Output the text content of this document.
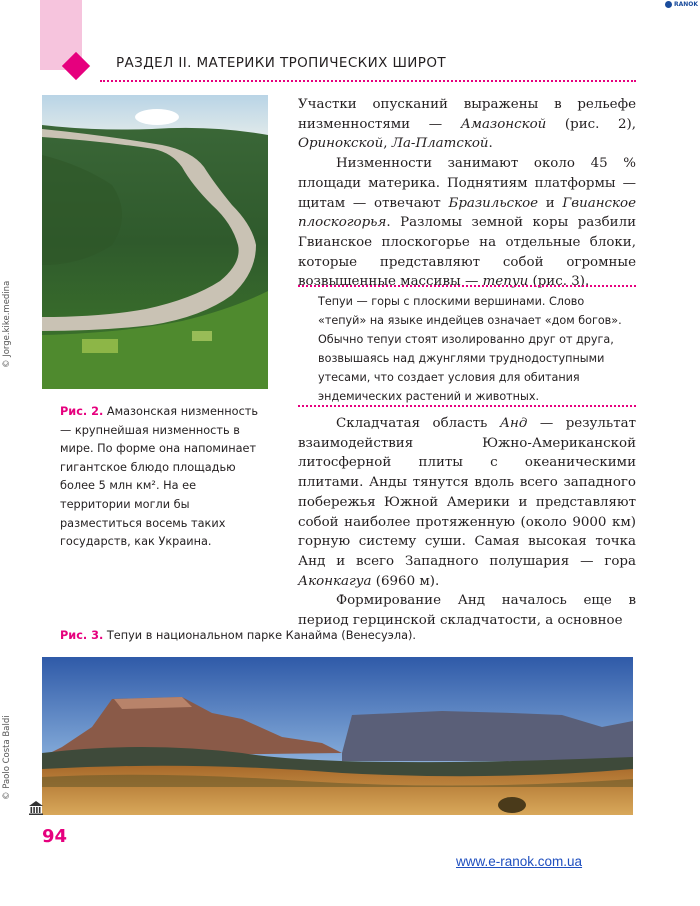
РАЗДЕЛ II. МАТЕРИКИ ТРОПИЧЕСКИХ ШИРОТ
RANOK
© Jorge.kike.medina
Рис. 2. Амазонская низменность — крупнейшая низменность в мире. По форме она напоминает гигантское блюдо площадью более 5 млн км². На ее территории могли бы разместиться восемь таких государств, как Украина.

Участки опусканий выражены в рельефе низменностями — Амазонской (рис. 2), Оринокской, Ла-Платской.

Низменности занимают около 45 % площади материка. Поднятиям платформы — щитам — отвечают Бразильское и Гвианское плоскогорья. Разломы земной коры разбили Гвианское плоскогорье на отдельные блоки, которые представляют собой огромные возвышенные массивы — тепуи (рис. 3).

Тепуи — горы с плоскими вершинами. Слово «тепуй» на языке индейцев означает «дом богов». Обычно тепуи стоят изолированно друг от друга, возвышаясь над джунглями труднодоступными утесами, что создает условия для обитания эндемических растений и животных.

Складчатая область Анд — результат взаимодействия Южно-Американской литосферной плиты с океаническими плитами. Анды тянутся вдоль всего западного побережья Южной Америки и представляют собой наиболее протяженную (около 9000 км) горную систему суши. Самая высокая точка Анд и всего Западного полушария — гора Аконкагуа (6960 м).

Формирование Анд началось еще в период герцинской складчатости, а основное

Рис. 3. Тепуи в национальном парке Канайма (Венесуэла).
© Paolo Costa Baldi
94
www.e-ranok.com.ua
